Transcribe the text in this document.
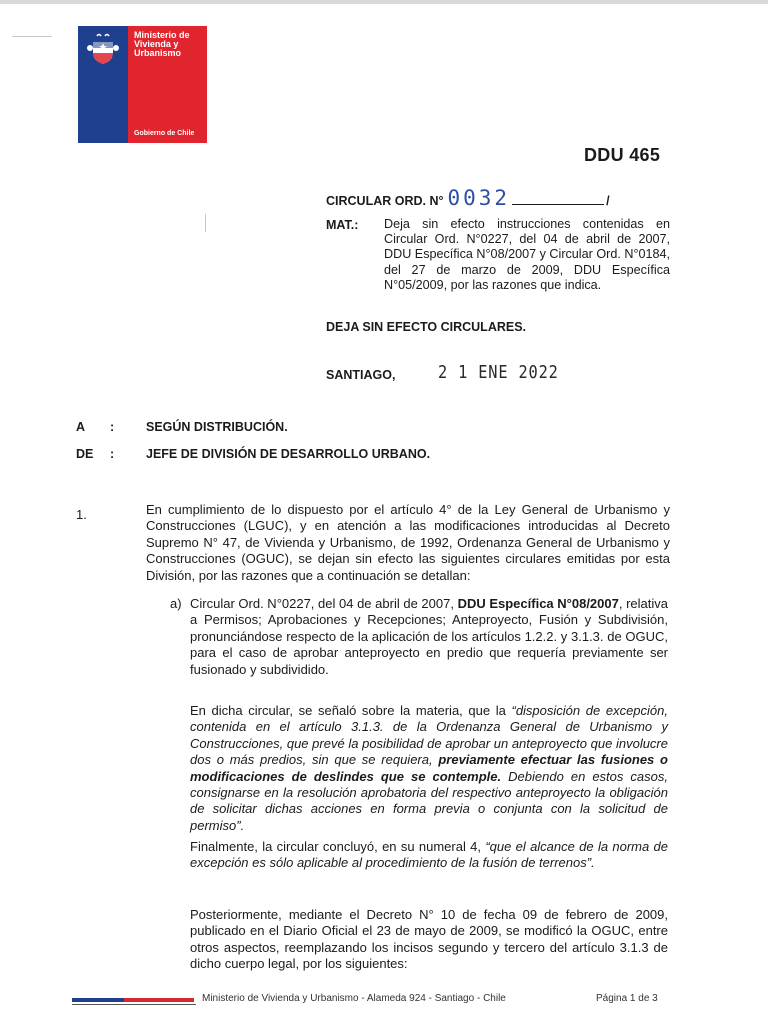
Ministerio de Vivienda y Urbanismo
Gobierno de Chile
DDU 465
CIRCULAR ORD. N° 0032	/
MAT.: Deja sin efecto instrucciones contenidas en Circular Ord. N°0227, del 04 de abril de 2007, DDU Específica N°08/2007 y Circular Ord. N°0184, del 27 de marzo de 2009, DDU Específica N°05/2009, por las razones que indica.
DEJA SIN EFECTO CIRCULARES.
SANTIAGO, 2 1 ENE 2022
A	:	SEGÚN DISTRIBUCIÓN.
DE	:	JEFE DE DIVISIÓN DE DESARROLLO URBANO.
1.	En cumplimiento de lo dispuesto por el artículo 4° de la Ley General de Urbanismo y Construcciones (LGUC), y en atención a las modificaciones introducidas al Decreto Supremo N° 47, de Vivienda y Urbanismo, de 1992, Ordenanza General de Urbanismo y Construcciones (OGUC), se dejan sin efecto las siguientes circulares emitidas por esta División, por las razones que a continuación se detallan:
a) Circular Ord. N°0227, del 04 de abril de 2007, DDU Específica N°08/2007, relativa a Permisos; Aprobaciones y Recepciones; Anteproyecto, Fusión y Subdivisión, pronunciándose respecto de la aplicación de los artículos 1.2.2. y 3.1.3. de OGUC, para el caso de aprobar anteproyecto en predio que requería previamente ser fusionado y subdividido.
En dicha circular, se señaló sobre la materia, que la “disposición de excepción, contenida en el artículo 3.1.3. de la Ordenanza General de Urbanismo y Construcciones, que prevé la posibilidad de aprobar un anteproyecto que involucre dos o más predios, sin que se requiera, previamente efectuar las fusiones o modificaciones de deslindes que se contemple. Debiendo en estos casos, consignarse en la resolución aprobatoria del respectivo anteproyecto la obligación de solicitar dichas acciones en forma previa o conjunta con la solicitud de permiso”.
Finalmente, la circular concluyó, en su numeral 4, “que el alcance de la norma de excepción es sólo aplicable al procedimiento de la fusión de terrenos”.
Posteriormente, mediante el Decreto N° 10 de fecha 09 de febrero de 2009, publicado en el Diario Oficial el 23 de mayo de 2009, se modificó la OGUC, entre otros aspectos, reemplazando los incisos segundo y tercero del artículo 3.1.3 de dicho cuerpo legal, por los siguientes:
Ministerio de Vivienda y Urbanismo - Alameda 924 - Santiago - Chile	Página 1 de 3
